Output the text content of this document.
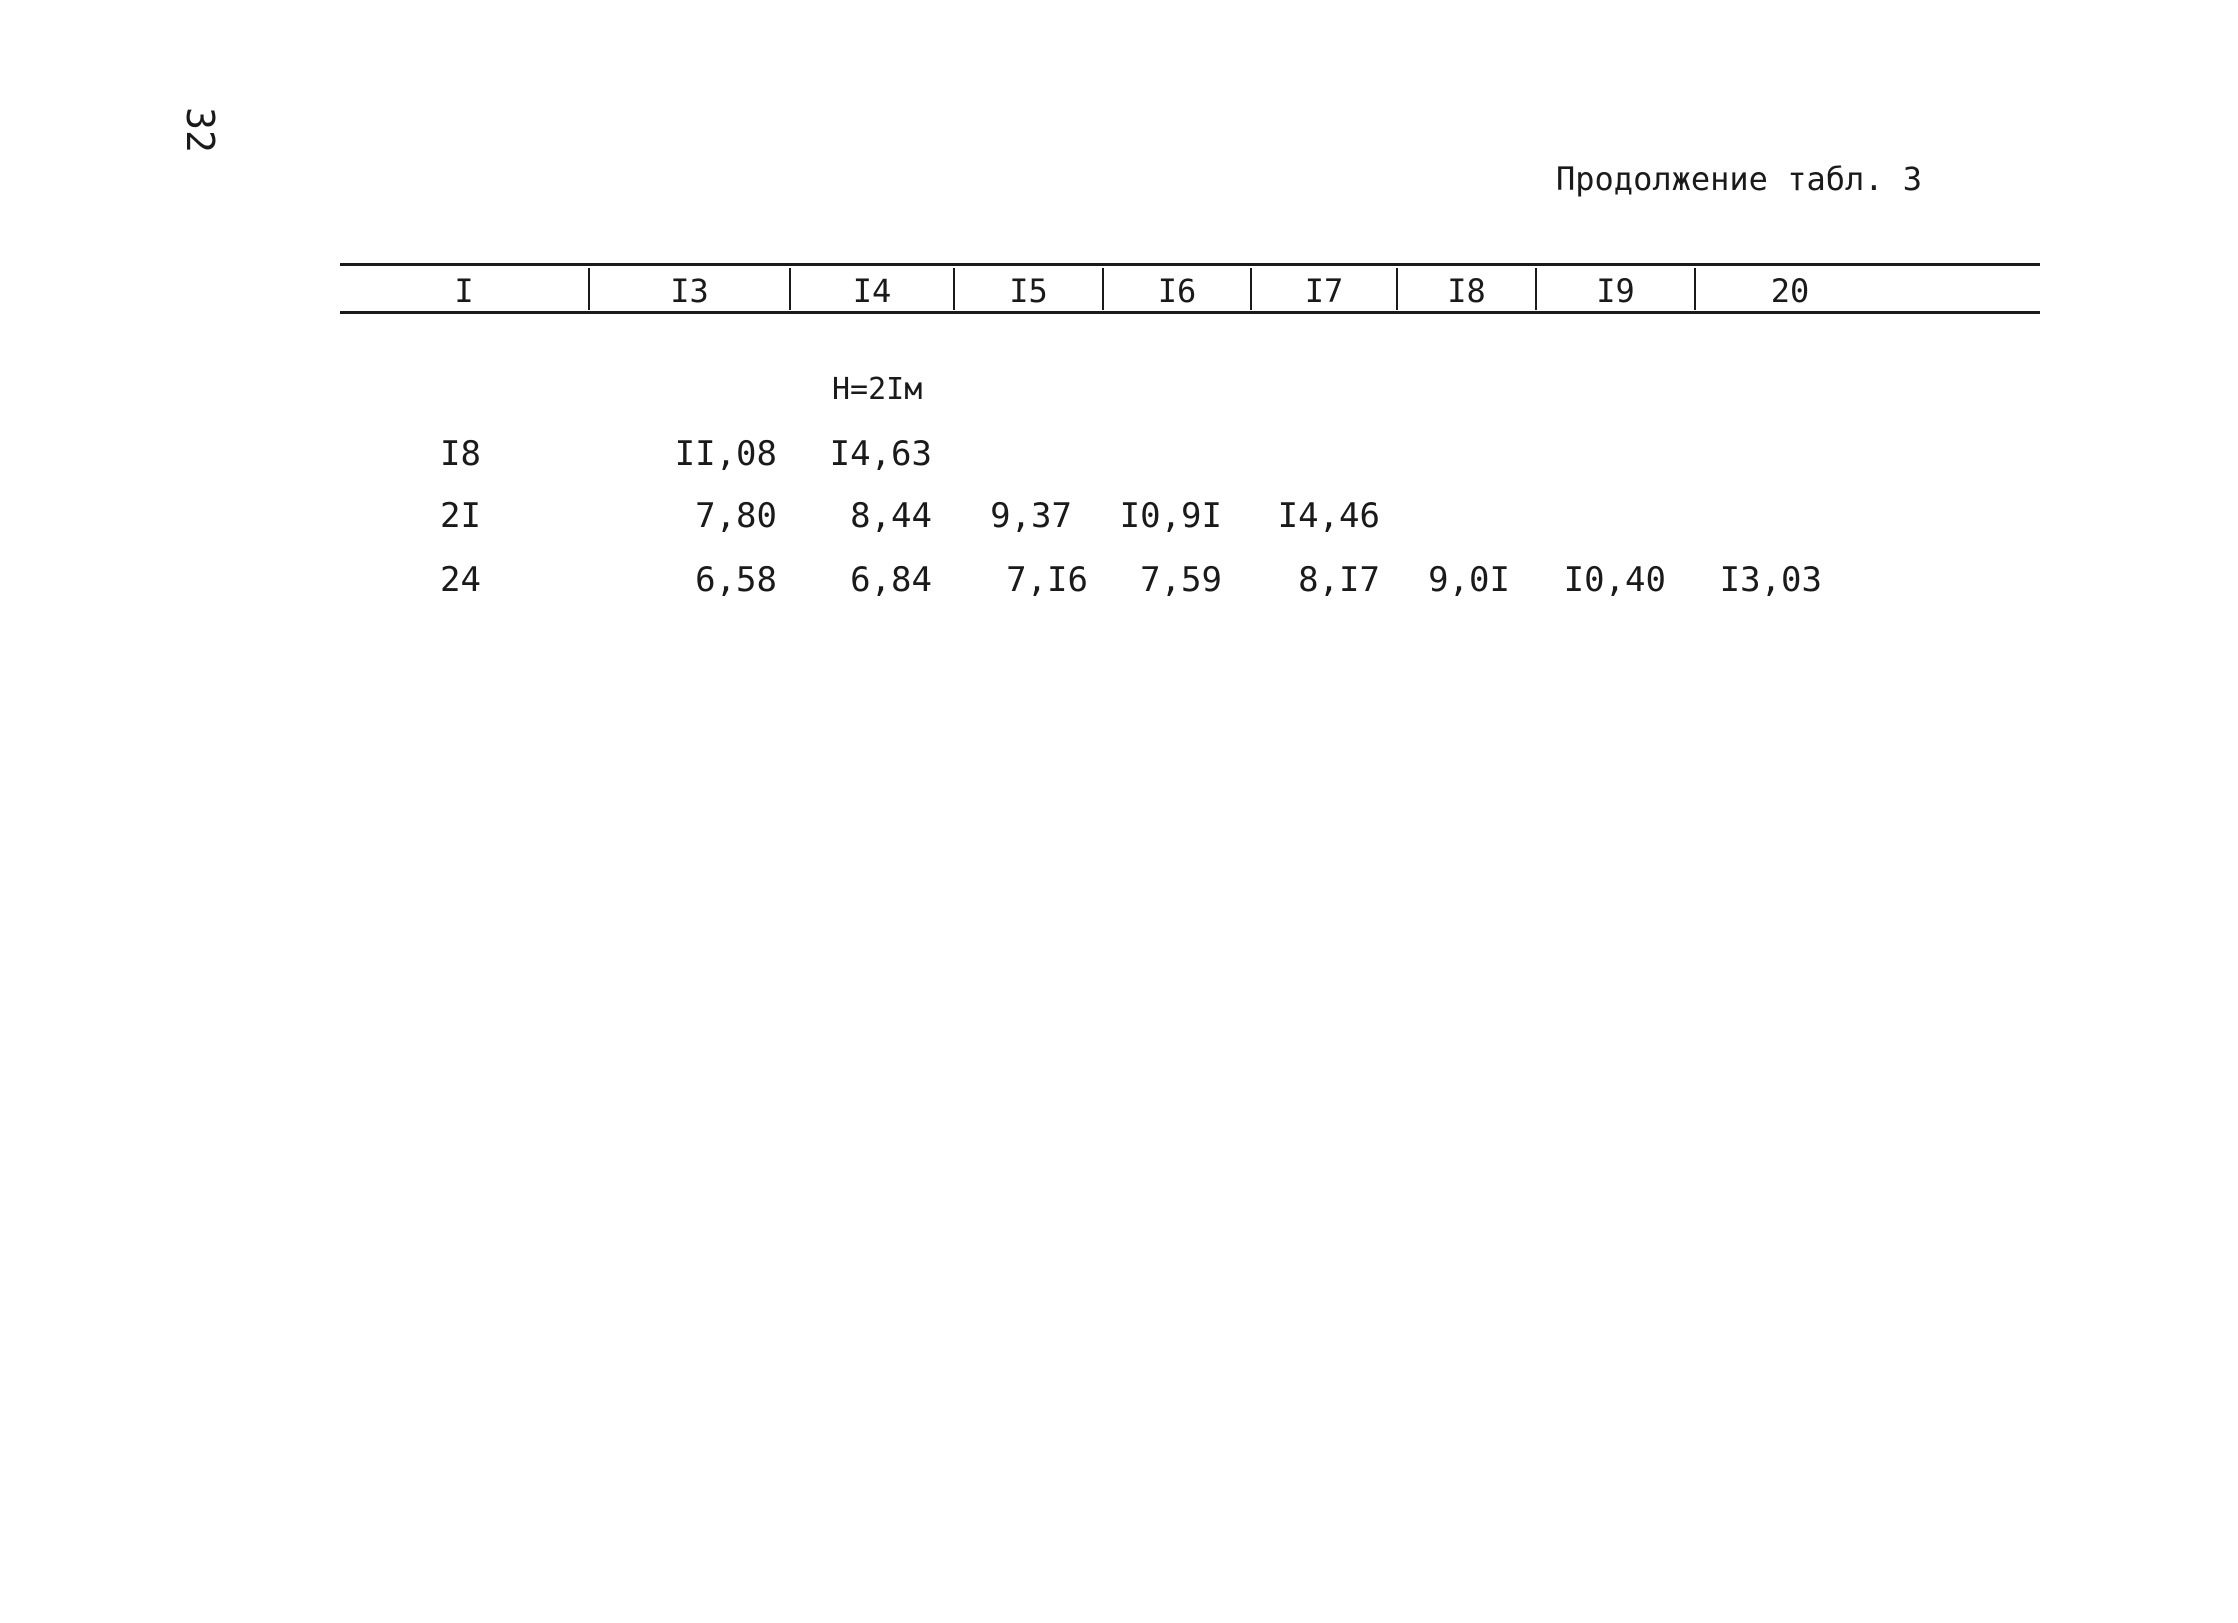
32
Продолжение табл. 3
I	I3	I4	I5	I6	I7	I8	I9	20
H=2Iм
I8	II,08	I4,63
2I	7,80	8,44	9,37	I0,9I	I4,46
24	6,58	6,84	7,I6	7,59	8,I7	9,0I	I0,40	I3,03
